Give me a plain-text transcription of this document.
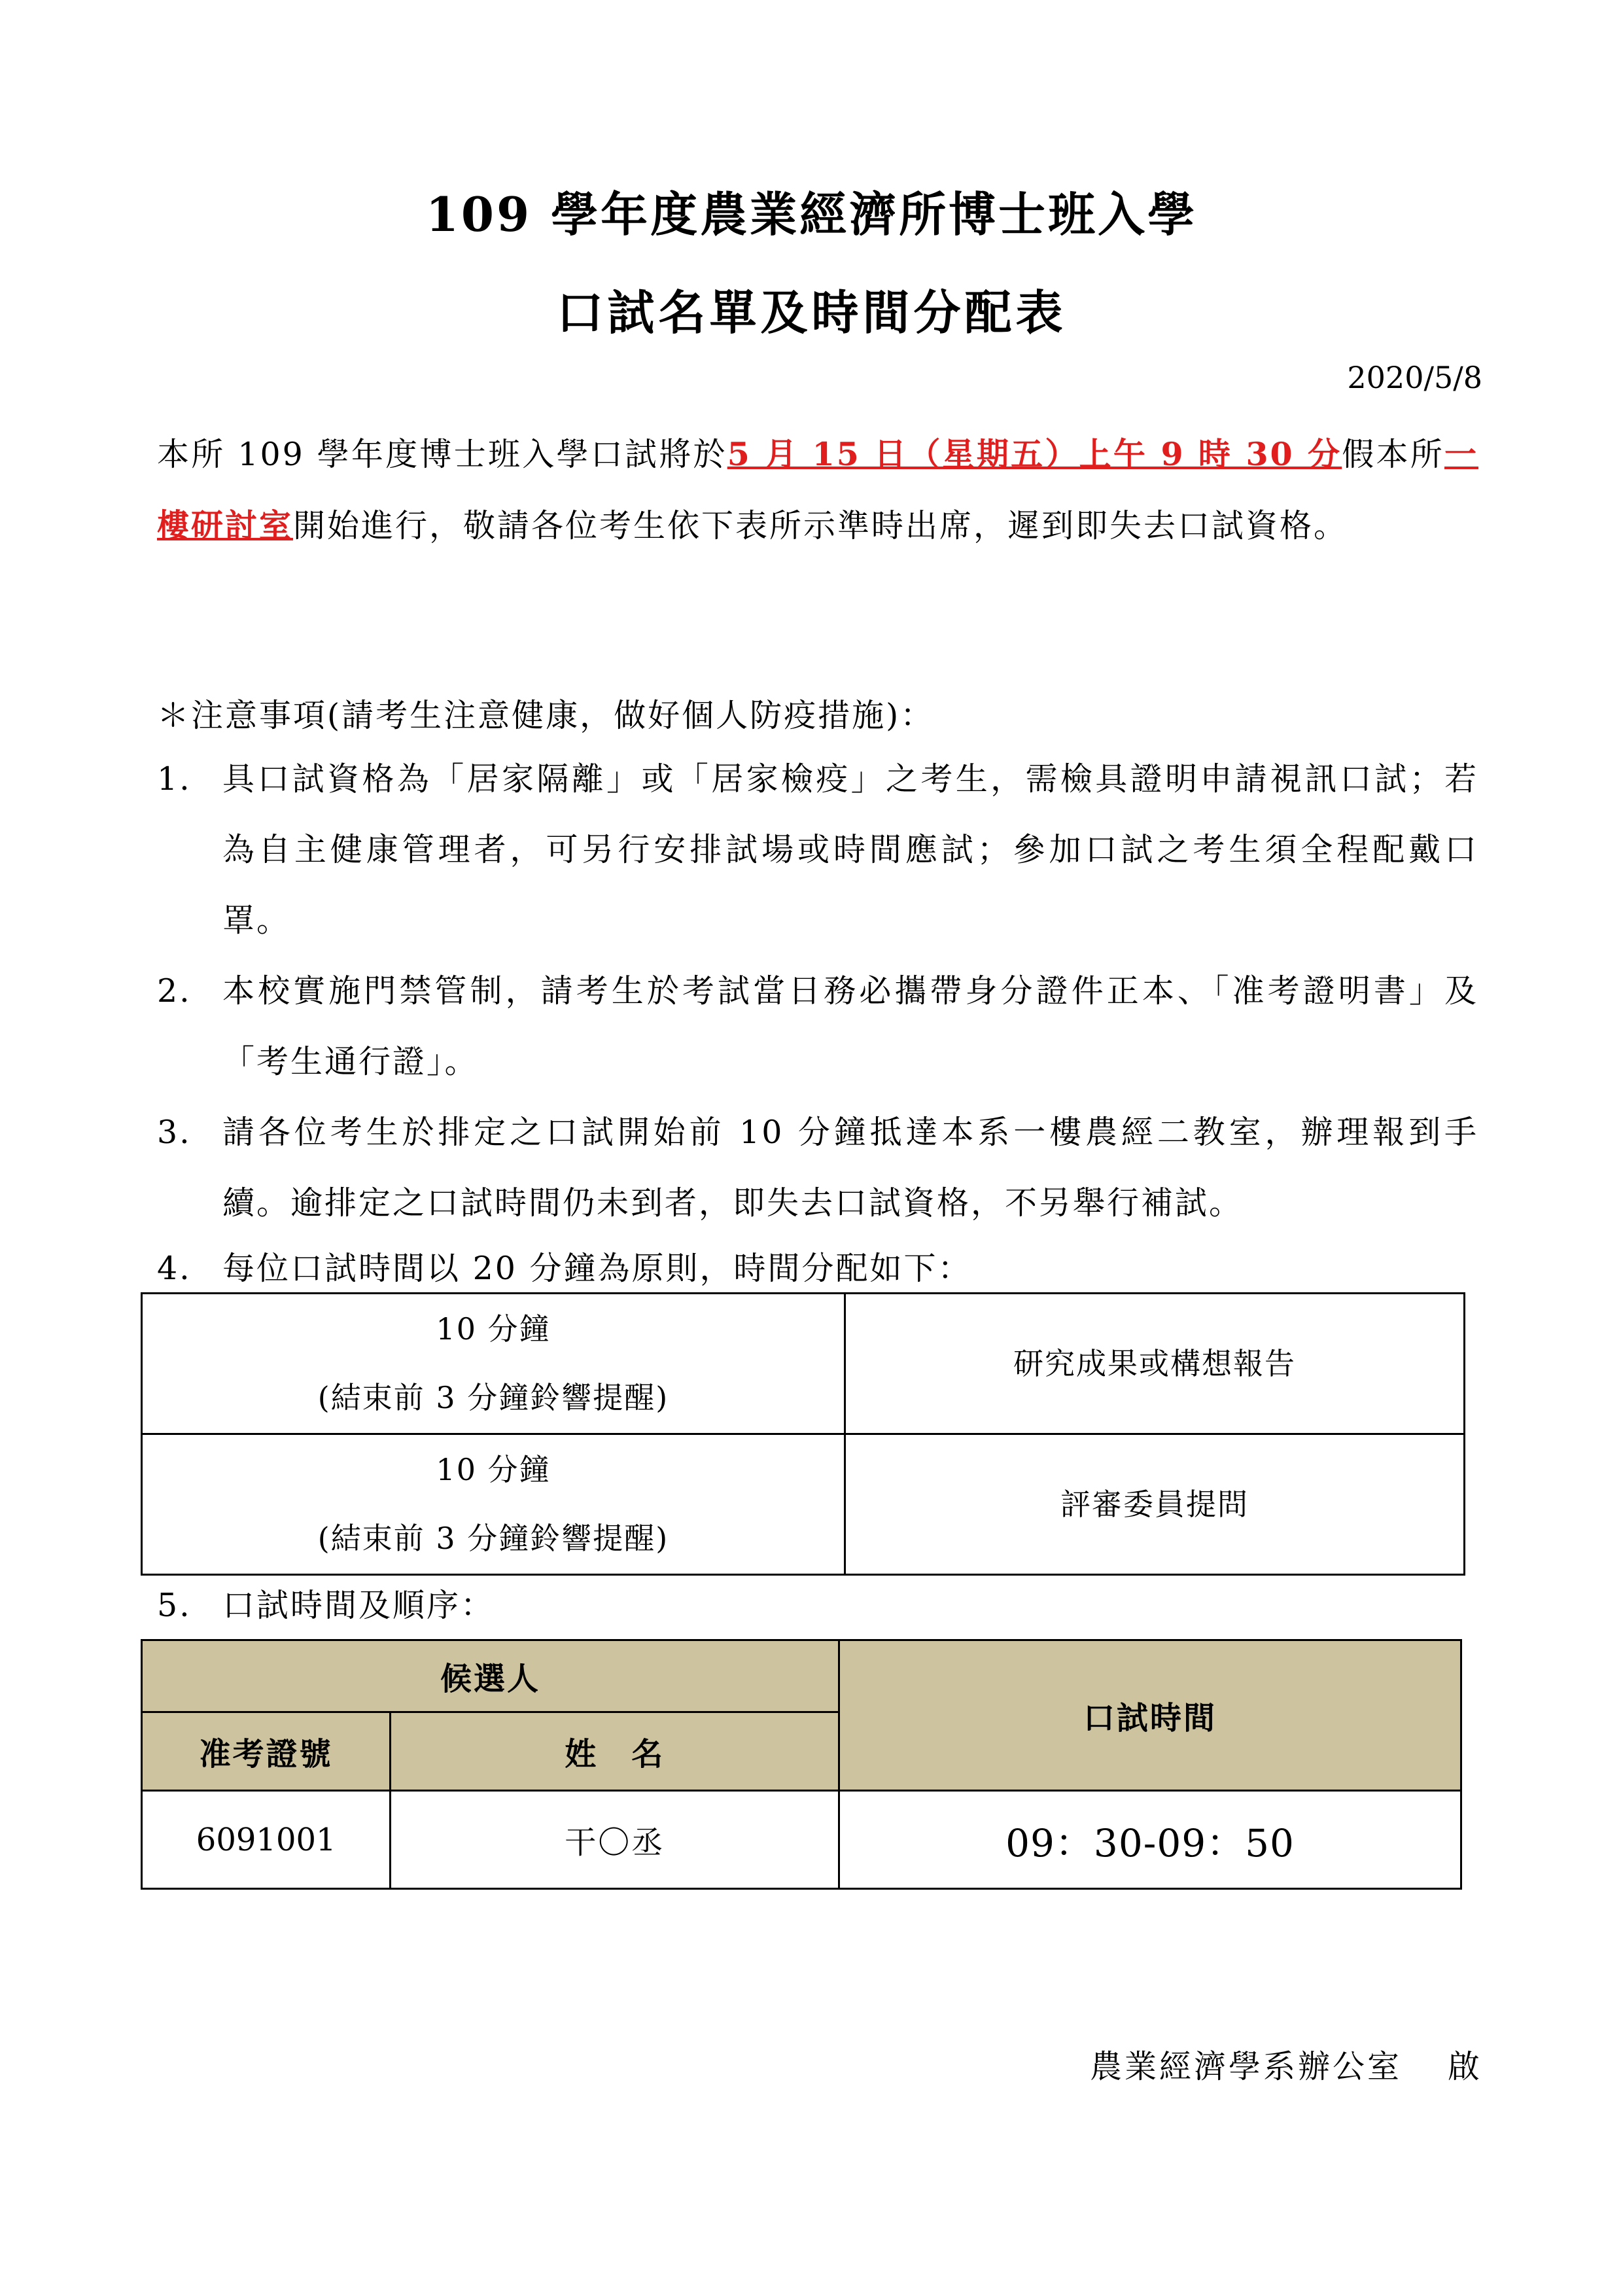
109 學年度農業經濟所博士班入學
口試名單及時間分配表
2020/5/8
本所 109 學年度博士班入學口試將於5 月 15 日（星期五）上午 9 時 30 分假本所一樓研討室開始進行，敬請各位考生依下表所示準時出席，遲到即失去口試資格。
＊注意事項(請考生注意健康，做好個人防疫措施)：
1. 具口試資格為「居家隔離」或「居家檢疫」之考生，需檢具證明申請視訊口試；若為自主健康管理者，可另行安排試場或時間應試；參加口試之考生須全程配戴口罩。
2. 本校實施門禁管制，請考生於考試當日務必攜帶身分證件正本、「准考證明書」及「考生通行證」。
3. 請各位考生於排定之口試開始前 10 分鐘抵達本系一樓農經二教室，辦理報到手續。逾排定之口試時間仍未到者，即失去口試資格，不另舉行補試。
4. 每位口試時間以 20 分鐘為原則，時間分配如下：
10 分鐘
(結束前 3 分鐘鈴響提醒)	研究成果或構想報告

10 分鐘
(結束前 3 分鐘鈴響提醒)	評審委員提問
5. 口試時間及順序：
候選人		口試時間
准考證號	姓　名	
6091001	干〇丞	09：30-09：50
農業經濟學系辦公室 啟
